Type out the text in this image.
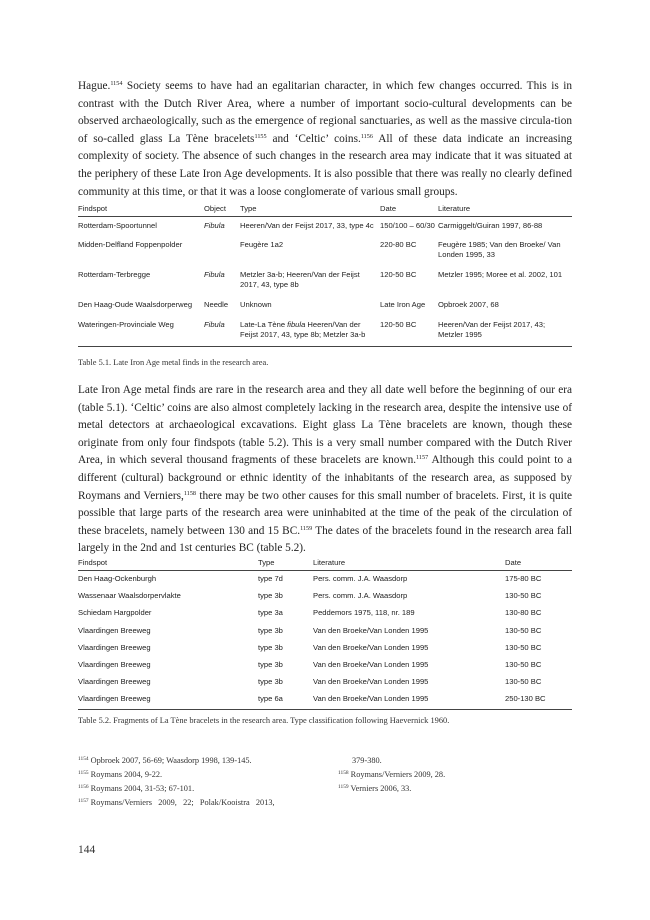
Hague.$^{1154}$ Society seems to have had an egalitarian character, in which few changes occurred. This is in contrast with the Dutch River Area, where a number of important socio-cultural developments can be observed archaeologically, such as the emergence of regional sanctuaries, as well as the massive circula-tion of so-called glass La Tène bracelets$^{1155}$ and ‘Celtic’ coins.$^{1156}$ All of these data indicate an increasing complexity of society. The absence of such changes in the research area may indicate that it was situated at the periphery of these Late Iron Age developments. It is also possible that there was really no clearly defined community at this time, or that it was a loose conglomerate of various small groups.

Findspot	Object	Type	Date	Literature
Rotterdam-Spoortunnel	Fibula	Heeren/Van der Feijst 2017, 33, type 4c	150/100 – 60/30	Carmiggelt/Guiran 1997, 86-88
Midden-Delfland Foppenpolder		Feugère 1a2	220-80 BC	Feugère 1985; Van den Broeke/ Van Londen 1995, 33
Rotterdam-Terbregge	Fibula	Metzler 3a-b; Heeren/Van der Feijst 2017, 43, type 8b	120-50 BC	Metzler 1995; Moree et al. 2002, 101
Den Haag-Oude Waalsdorperweg	Needle	Unknown	Late Iron Age	Opbroek 2007, 68
Wateringen-Provinciale Weg	Fibula	Late-La Tène fibula Heeren/Van der Feijst 2017, 43, type 8b; Metzler 3a-b	120-50 BC	Heeren/Van der Feijst 2017, 43; Metzler 1995

Table 5.1. Late Iron Age metal finds in the research area.

Late Iron Age metal finds are rare in the research area and they all date well before the beginning of our era (table 5.1). ‘Celtic’ coins are also almost completely lacking in the research area, despite the intensive use of metal detectors at archaeological excavations. Eight glass La Tène bracelets are known, though these originate from only four findspots (table 5.2). This is a very small number compared with the Dutch River Area, in which several thousand fragments of these bracelets are known.$^{1157}$ Although this could point to a different (cultural) background or ethnic identity of the inhabitants of the research area, as supposed by Roymans and Verniers,$^{1158}$ there may be two other causes for this small number of bracelets. First, it is quite possible that large parts of the research area were uninhabited at the time of the peak of the circulation of these bracelets, namely between 130 and 15 BC.$^{1159}$ The dates of the bracelets found in the research area fall largely in the 2nd and 1st centuries BC (table 5.2).

Findspot	Type	Literature	Date
Den Haag-Ockenburgh	type 7d	Pers. comm. J.A. Waasdorp	175-80 BC
Wassenaar Waalsdorpervlakte	type 3b	Pers. comm. J.A. Waasdorp	130-50 BC
Schiedam Hargpolder	type 3a	Peddemors 1975, 118, nr. 189	130-80 BC
Vlaardingen Breeweg	type 3b	Van den Broeke/Van Londen 1995	130-50 BC
Vlaardingen Breeweg	type 3b	Van den Broeke/Van Londen 1995	130-50 BC
Vlaardingen Breeweg	type 3b	Van den Broeke/Van Londen 1995	130-50 BC
Vlaardingen Breeweg	type 3b	Van den Broeke/Van Londen 1995	130-50 BC
Vlaardingen Breeweg	type 6a	Van den Broeke/Van Londen 1995	250-130 BC

Table 5.2. Fragments of La Tène bracelets in the research area. Type classification following Haevernick 1960.

$^{1154}$ Opbroek 2007, 56-69; Waasdorp 1998, 139-145.
$^{1155}$ Roymans 2004, 9-22.
$^{1156}$ Roymans 2004, 31-53; 67-101.
$^{1157}$ Roymans/Verniers   2009,   22;   Polak/Kooistra   2013,
379-380.
$^{1158}$ Roymans/Verniers 2009, 28.
$^{1159}$ Verniers 2006, 33.
144
